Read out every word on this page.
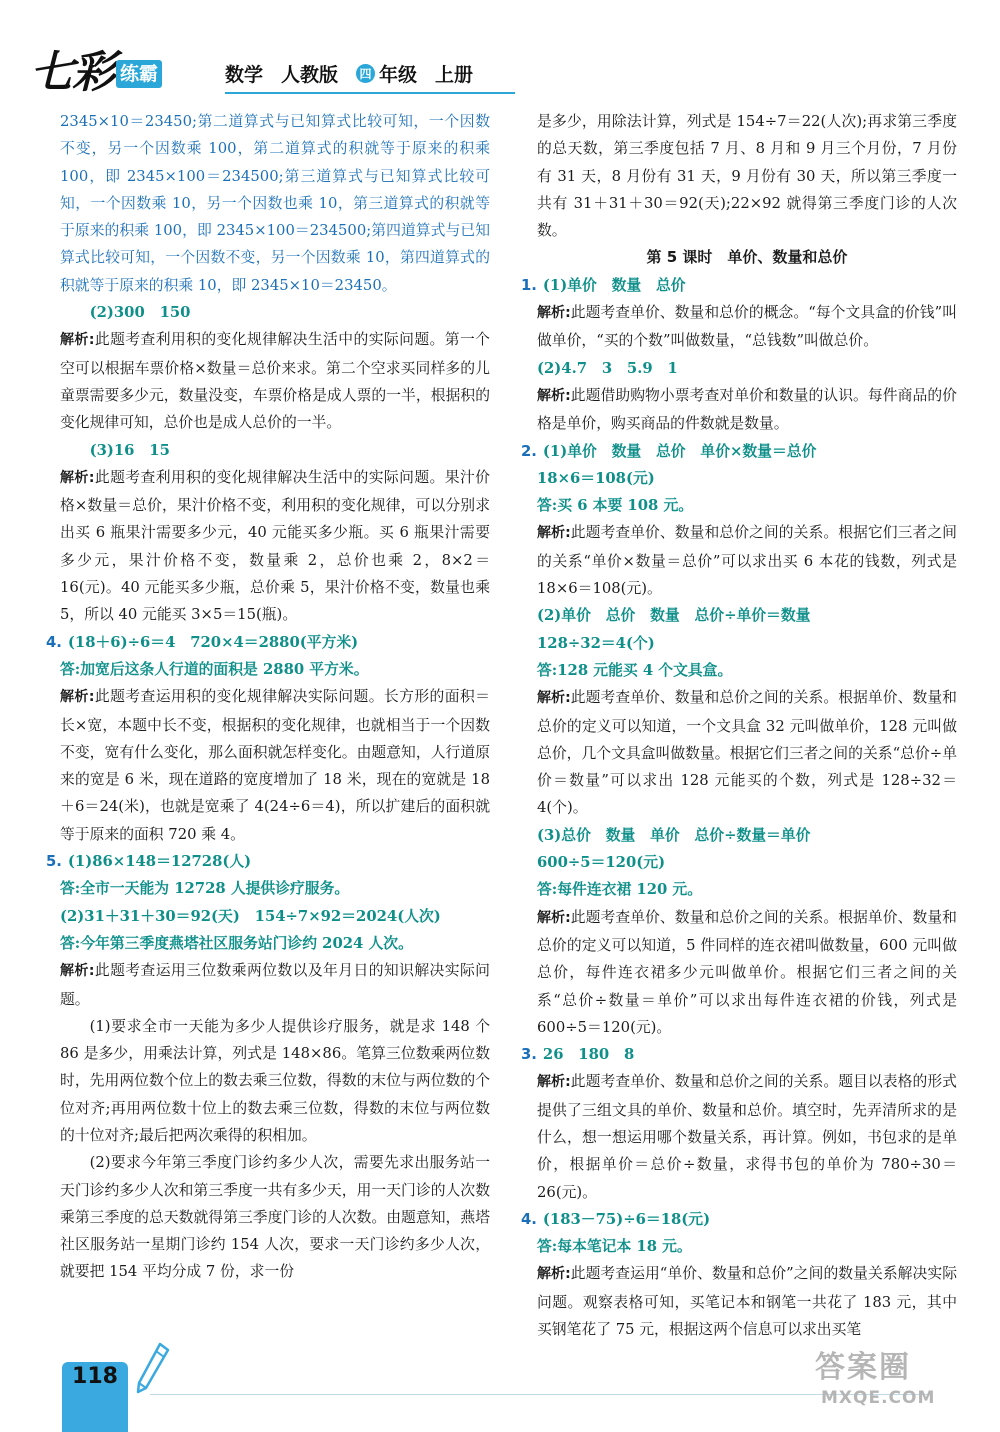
七彩 练霸	数学 人教版 四 年级 上册

2345×10＝23450;第二道算式与已知算式比较可知，一个因数不变，另一个因数乘 100，第二道算式的积就等于原来的积乘 100，即 2345×100＝234500;第三道算式与已知算式比较可知，一个因数乘 10，另一个因数也乘 10，第三道算式的积就等于原来的积乘 100，即 2345×100＝234500;第四道算式与已知算式比较可知，一个因数不变，另一个因数乘 10，第四道算式的积就等于原来的积乘 10，即 2345×10＝23450。

(2)300　150

解析:此题考查利用积的变化规律解决生活中的实际问题。第一个空可以根据车票价格×数量＝总价来求。第二个空求买同样多的儿童票需要多少元，数量没变，车票价格是成人票的一半，根据积的变化规律可知，总价也是成人总价的一半。

(3)16　15

解析:此题考查利用积的变化规律解决生活中的实际问题。果汁价格×数量＝总价，果汁价格不变，利用积的变化规律，可以分别求出买 6 瓶果汁需要多少元，40 元能买多少瓶。买 6 瓶果汁需要多少元，果汁价格不变，数量乘 2，总价也乘 2，8×2＝16(元)。40 元能买多少瓶，总价乘 5，果汁价格不变，数量也乘 5，所以 40 元能买 3×5＝15(瓶)。

4. (18＋6)÷6＝4　720×4＝2880(平方米)

答:加宽后这条人行道的面积是 2880 平方米。

解析:此题考查运用积的变化规律解决实际问题。长方形的面积＝长×宽，本题中长不变，根据积的变化规律，也就相当于一个因数不变，宽有什么变化，那么面积就怎样变化。由题意知，人行道原来的宽是 6 米，现在道路的宽度增加了 18 米，现在的宽就是 18＋6＝24(米)，也就是宽乘了 4(24÷6＝4)，所以扩建后的面积就等于原来的面积 720 乘 4。

5. (1)86×148＝12728(人)

答:全市一天能为 12728 人提供诊疗服务。

(2)31＋31＋30＝92(天)　154÷7×92＝2024(人次)

答:今年第三季度燕塔社区服务站门诊约 2024 人次。

解析:此题考查运用三位数乘两位数以及年月日的知识解决实际问题。

(1)要求全市一天能为多少人提供诊疗服务，就是求 148 个 86 是多少，用乘法计算，列式是 148×86。笔算三位数乘两位数时，先用两位数个位上的数去乘三位数，得数的末位与两位数的个位对齐;再用两位数十位上的数去乘三位数，得数的末位与两位数的十位对齐;最后把两次乘得的积相加。

(2)要求今年第三季度门诊约多少人次，需要先求出服务站一天门诊约多少人次和第三季度一共有多少天，用一天门诊的人次数乘第三季度的总天数就得第三季度门诊的人次数。由题意知，燕塔社区服务站一星期门诊约 154 人次，要求一天门诊约多少人次，就要把 154 平均分成 7 份，求一份

是多少，用除法计算，列式是 154÷7＝22(人次);再求第三季度的总天数，第三季度包括 7 月、8 月和 9 月三个月份，7 月份有 31 天，8 月份有 31 天，9 月份有 30 天，所以第三季度一共有 31＋31＋30＝92(天);22×92 就得第三季度门诊的人次数。

第 5 课时　单价、数量和总价

1. (1)单价　数量　总价

解析:此题考查单价、数量和总价的概念。“每个文具盒的价钱”叫做单价，“买的个数”叫做数量，“总钱数”叫做总价。

(2)4.7　3　5.9　1

解析:此题借助购物小票考查对单价和数量的认识。每件商品的价格是单价，购买商品的件数就是数量。

2. (1)单价　数量　总价　单价×数量＝总价

18×6＝108(元)

答:买 6 本要 108 元。

解析:此题考查单价、数量和总价之间的关系。根据它们三者之间的关系“单价×数量＝总价”可以求出买 6 本花的钱数，列式是 18×6＝108(元)。

(2)单价　总价　数量　总价÷单价＝数量

128÷32＝4(个)

答:128 元能买 4 个文具盒。

解析:此题考查单价、数量和总价之间的关系。根据单价、数量和总价的定义可以知道，一个文具盒 32 元叫做单价，128 元叫做总价，几个文具盒叫做数量。根据它们三者之间的关系“总价÷单价＝数量”可以求出 128 元能买的个数，列式是 128÷32＝4(个)。

(3)总价　数量　单价　总价÷数量＝单价

600÷5＝120(元)

答:每件连衣裙 120 元。

解析:此题考查单价、数量和总价之间的关系。根据单价、数量和总价的定义可以知道，5 件同样的连衣裙叫做数量，600 元叫做总价，每件连衣裙多少元叫做单价。根据它们三者之间的关系“总价÷数量＝单价”可以求出每件连衣裙的价钱，列式是 600÷5＝120(元)。

3. 26　180　8

解析:此题考查单价、数量和总价之间的关系。题目以表格的形式提供了三组文具的单价、数量和总价。填空时，先弄清所求的是什么，想一想运用哪个数量关系，再计算。例如，书包求的是单价，根据单价＝总价÷数量，求得书包的单价为 780÷30＝26(元)。

4. (183－75)÷6＝18(元)

答:每本笔记本 18 元。

解析:此题考查运用“单价、数量和总价”之间的数量关系解决实际问题。观察表格可知，买笔记本和钢笔一共花了 183 元，其中买钢笔花了 75 元，根据这两个信息可以求出买笔

118	答案圈
MXQE.COM
